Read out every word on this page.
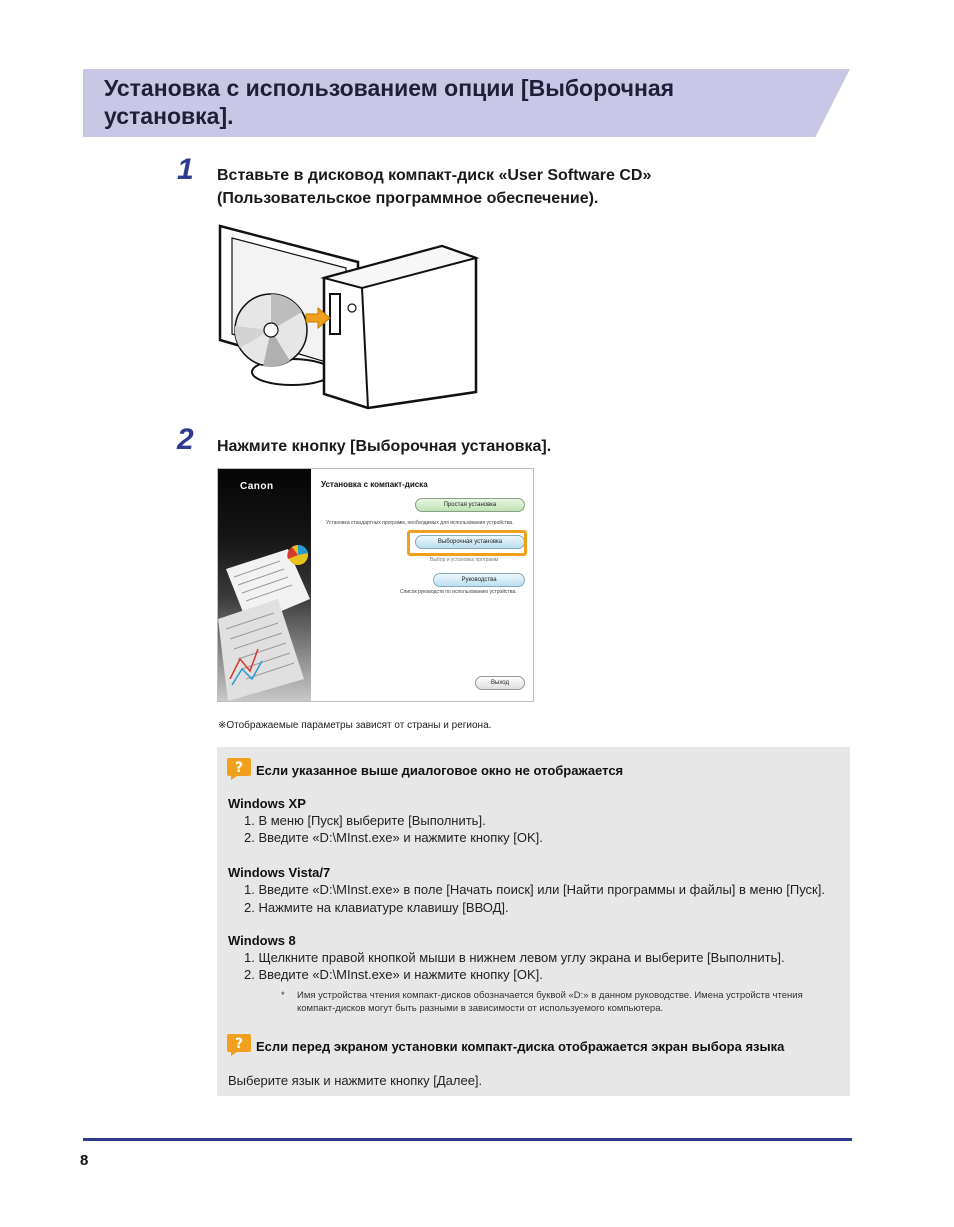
Установка с использованием опции [Выборочная установка].
1 Вставьте в дисковод компакт-диск «User Software CD» (Пользовательское программное обеспечение).
2 Нажмите кнопку [Выборочная установка].
Canon	Установка с компакт-диска
Простая установка
Установка стандартных программ, необходимых для использования устройства.
Выборочная установка
Выбор и установка программ
Руководства
Список руководств по использованию устройства.
Выход
※Отображаемые параметры зависят от страны и региона.
? Если указанное выше диалоговое окно не отображается
Windows XP
1. В меню [Пуск] выберите [Выполнить].
2. Введите «D:\MInst.exe» и нажмите кнопку [OK].
Windows Vista/7
1. Введите «D:\MInst.exe» в поле [Начать поиск] или [Найти программы и файлы] в меню [Пуск].
2. Нажмите на клавиатуре клавишу [ВВОД].
Windows 8
1. Щелкните правой кнопкой мыши в нижнем левом углу экрана и выберите [Выполнить].
2. Введите «D:\MInst.exe» и нажмите кнопку [OK].
* Имя устройства чтения компакт-дисков обозначается буквой «D:» в данном руководстве. Имена устройств чтения компакт-дисков могут быть разными в зависимости от используемого компьютера.
? Если перед экраном установки компакт-диска отображается экран выбора языка
Выберите язык и нажмите кнопку [Далее].
8
